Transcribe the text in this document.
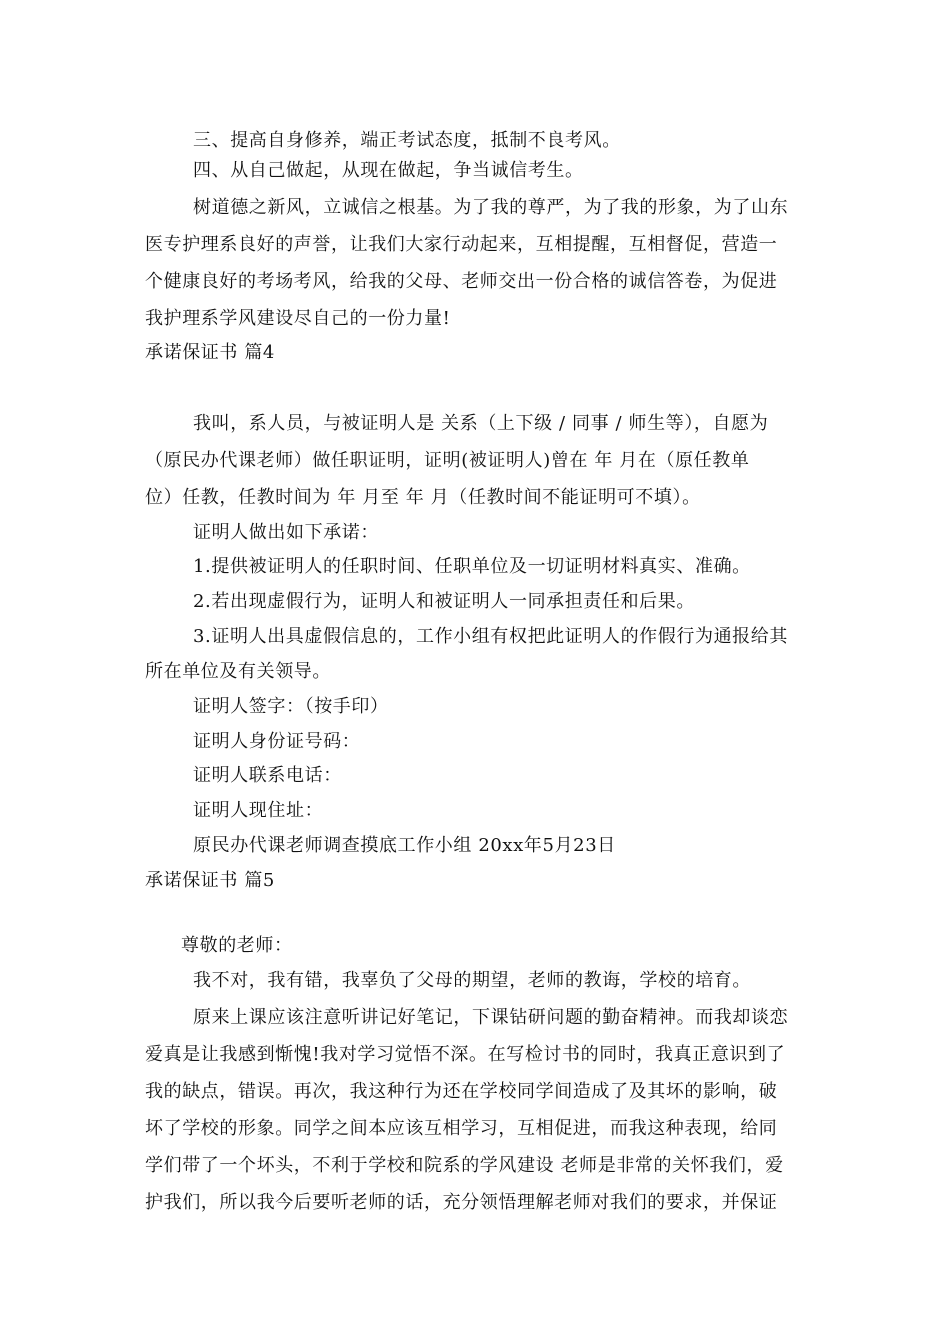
三、提高自身修养，端正考试态度，抵制不良考风。
四、从自己做起，从现在做起，争当诚信考生。
树道德之新风，立诚信之根基。为了我的尊严，为了我的形象，为了山东
医专护理系良好的声誉，让我们大家行动起来，互相提醒，互相督促，营造一
个健康良好的考场考风，给我的父母、老师交出一份合格的诚信答卷，为促进
我护理系学风建设尽自己的一份力量!
承诺保证书 篇4
我叫，系人员，与被证明人是 关系（上下级 / 同事 / 师生等），自愿为
（原民办代课老师）做任职证明，证明(被证明人)曾在 年 月在（原任教单
位）任教，任教时间为 年 月至 年 月（任教时间不能证明可不填）。
证明人做出如下承诺：
1.提供被证明人的任职时间、任职单位及一切证明材料真实、准确。
2.若出现虚假行为，证明人和被证明人一同承担责任和后果。
3.证明人出具虚假信息的，工作小组有权把此证明人的作假行为通报给其
所在单位及有关领导。
证明人签字：（按手印）
证明人身份证号码：
证明人联系电话：
证明人现住址：
原民办代课老师调查摸底工作小组 20xx年5月23日
承诺保证书 篇5
尊敬的老师：
我不对，我有错，我辜负了父母的期望，老师的教诲，学校的培育。
原来上课应该注意听讲记好笔记，下课钻研问题的勤奋精神。而我却谈恋
爱真是让我感到惭愧!我对学习觉悟不深。在写检讨书的同时，我真正意识到了
我的缺点，错误。再次，我这种行为还在学校同学间造成了及其坏的影响，破
坏了学校的形象。同学之间本应该互相学习，互相促进，而我这种表现，给同
学们带了一个坏头，不利于学校和院系的学风建设 老师是非常的关怀我们，爱
护我们，所以我今后要听老师的话，充分领悟理解老师对我们的要求，并保证
